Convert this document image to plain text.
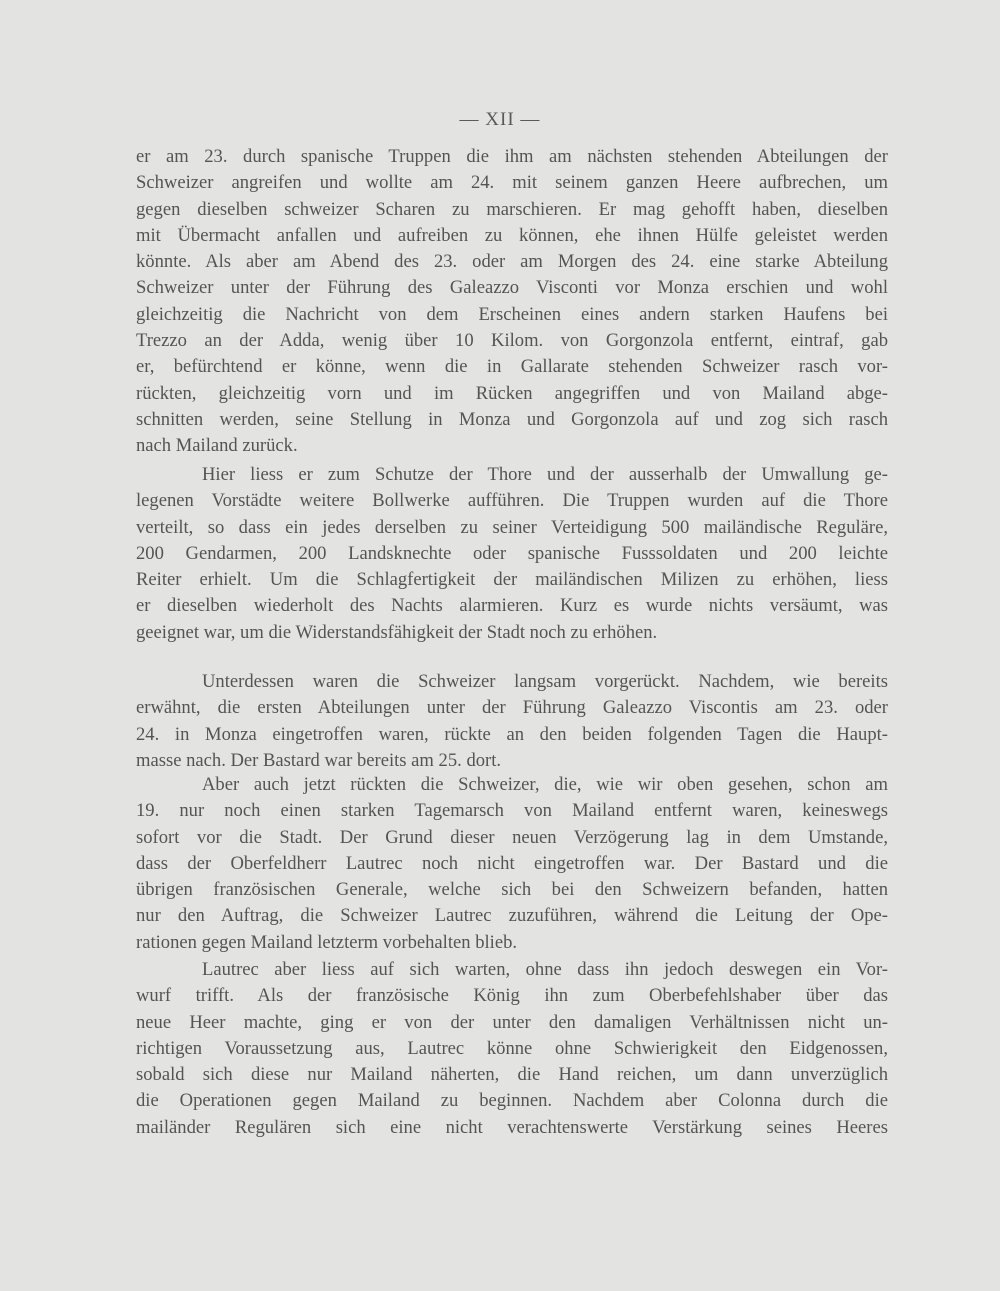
— XII —
er am 23. durch spanische Truppen die ihm am nächsten stehenden Abteilungen der
Schweizer angreifen und wollte am 24. mit seinem ganzen Heere aufbrechen, um
gegen dieselben schweizer Scharen zu marschieren. Er mag gehofft haben, dieselben
mit Übermacht anfallen und aufreiben zu können, ehe ihnen Hülfe geleistet werden
könnte. Als aber am Abend des 23. oder am Morgen des 24. eine starke Abteilung
Schweizer unter der Führung des Galeazzo Visconti vor Monza erschien und wohl
gleichzeitig die Nachricht von dem Erscheinen eines andern starken Haufens bei
Trezzo an der Adda, wenig über 10 Kilom. von Gorgonzola entfernt, eintraf, gab
er, befürchtend er könne, wenn die in Gallarate stehenden Schweizer rasch vor-
rückten, gleichzeitig vorn und im Rücken angegriffen und von Mailand abge-
schnitten werden, seine Stellung in Monza und Gorgonzola auf und zog sich rasch
nach Mailand zurück.
Hier liess er zum Schutze der Thore und der ausserhalb der Umwallung ge-
legenen Vorstädte weitere Bollwerke aufführen. Die Truppen wurden auf die Thore
verteilt, so dass ein jedes derselben zu seiner Verteidigung 500 mailändische Reguläre,
200 Gendarmen, 200 Landsknechte oder spanische Fusssoldaten und 200 leichte
Reiter erhielt. Um die Schlagfertigkeit der mailändischen Milizen zu erhöhen, liess
er dieselben wiederholt des Nachts alarmieren. Kurz es wurde nichts versäumt, was
geeignet war, um die Widerstandsfähigkeit der Stadt noch zu erhöhen.
Unterdessen waren die Schweizer langsam vorgerückt. Nachdem, wie bereits
erwähnt, die ersten Abteilungen unter der Führung Galeazzo Viscontis am 23. oder
24. in Monza eingetroffen waren, rückte an den beiden folgenden Tagen die Haupt-
masse nach. Der Bastard war bereits am 25. dort.
Aber auch jetzt rückten die Schweizer, die, wie wir oben gesehen, schon am
19. nur noch einen starken Tagemarsch von Mailand entfernt waren, keineswegs
sofort vor die Stadt. Der Grund dieser neuen Verzögerung lag in dem Umstande,
dass der Oberfeldherr Lautrec noch nicht eingetroffen war. Der Bastard und die
übrigen französischen Generale, welche sich bei den Schweizern befanden, hatten
nur den Auftrag, die Schweizer Lautrec zuzuführen, während die Leitung der Ope-
rationen gegen Mailand letzterm vorbehalten blieb.
Lautrec aber liess auf sich warten, ohne dass ihn jedoch deswegen ein Vor-
wurf trifft. Als der französische König ihn zum Oberbefehlshaber über das
neue Heer machte, ging er von der unter den damaligen Verhältnissen nicht un-
richtigen Voraussetzung aus, Lautrec könne ohne Schwierigkeit den Eidgenossen,
sobald sich diese nur Mailand näherten, die Hand reichen, um dann unverzüglich
die Operationen gegen Mailand zu beginnen. Nachdem aber Colonna durch die
mailänder Regulären sich eine nicht verachtenswerte Verstärkung seines Heeres
